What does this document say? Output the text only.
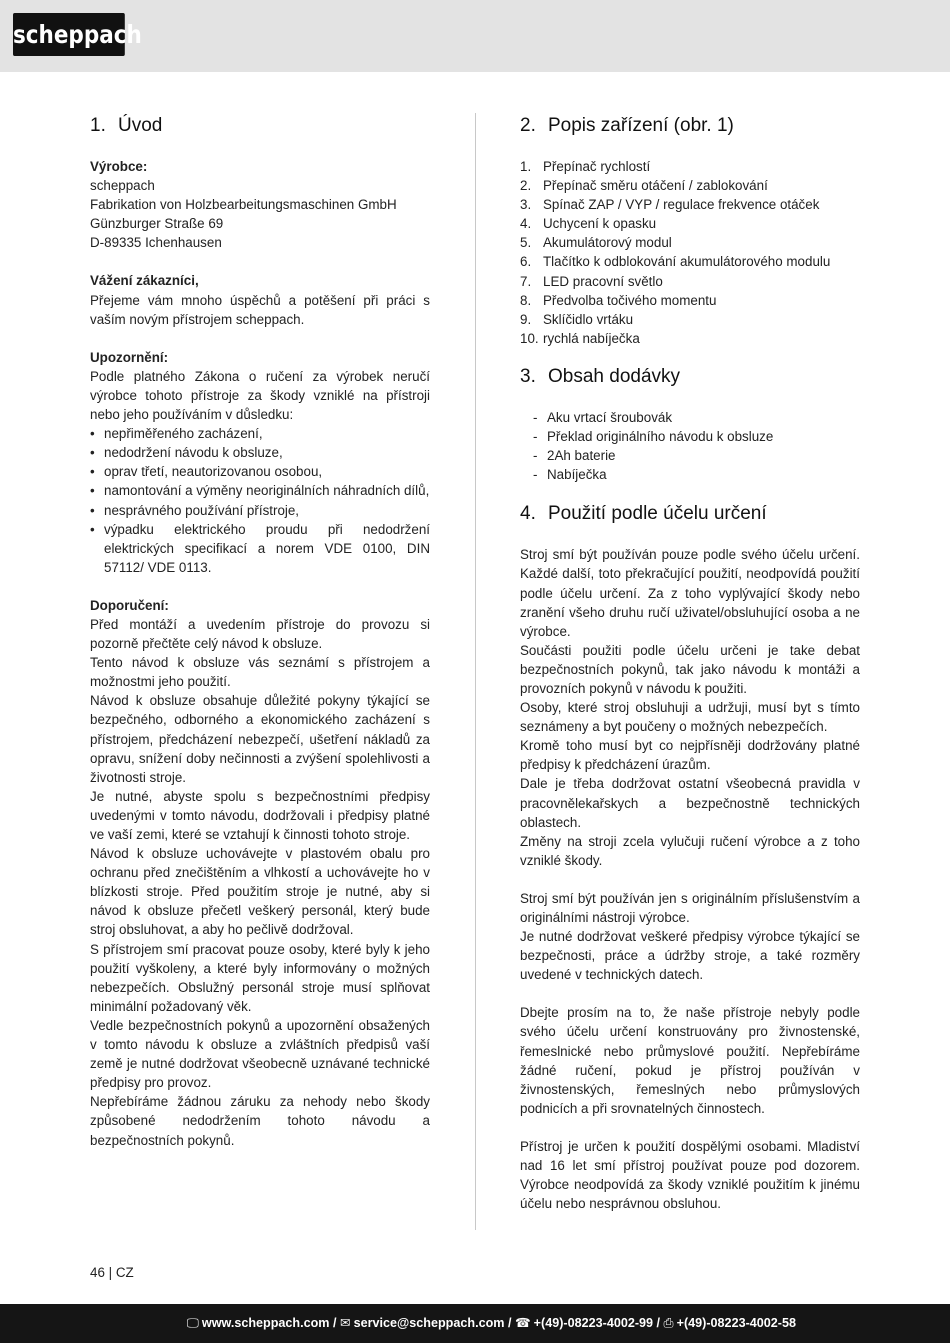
scheppach
1. Úvod

Výrobce:

scheppach

Fabrikation von Holzbearbeitungsmaschinen GmbH

Günzburger Straße 69

D-89335 Ichenhausen

Vážení zákazníci,

Přejeme vám mnoho úspěchů a potěšení při práci s vaším novým přístrojem scheppach.

Upozornění:

Podle platného Zákona o ručení za výrobek neručí výrobce tohoto přístroje za škody vzniklé na přístroji nebo jeho používáním v důsledku:

• nepřiměřeného zacházení,
• nedodržení návodu k obsluze,
• oprav třetí, neautorizovanou osobou,
• namontování a výměny neoriginálních náhradních dílů,
• nesprávného používání přístroje,
• výpadku elektrického proudu při nedodržení elektrických specifikací a norem VDE 0100, DIN 57112/ VDE 0113.

Doporučení:

Před montáží a uvedením přístroje do provozu si pozorně přečtěte celý návod k obsluze.

Tento návod k obsluze vás seznámí s přístrojem a možnostmi jeho použití.

Návod k obsluze obsahuje důležité pokyny týkající se bezpečného, odborného a ekonomického zacházení s přístrojem, předcházení nebezpečí, ušetření nákladů za opravu, snížení doby nečinnosti a zvýšení spolehlivosti a životnosti stroje.

Je nutné, abyste spolu s bezpečnostními předpisy uvedenými v tomto návodu, dodržovali i předpisy platné ve vaší zemi, které se vztahují k činnosti tohoto stroje.

Návod k obsluze uchovávejte v plastovém obalu pro ochranu před znečištěním a vlhkostí a uchovávejte ho v blízkosti stroje. Před použitím stroje je nutné, aby si návod k obsluze přečetl veškerý personál, který bude stroj obsluhovat, a aby ho pečlivě dodržoval.

S přístrojem smí pracovat pouze osoby, které byly k jeho použití vyškoleny, a které byly informovány o možných nebezpečích. Obslužný personál stroje musí splňovat minimální požadovaný věk.

Vedle bezpečnostních pokynů a upozornění obsažených v tomto návodu k obsluze a zvláštních předpisů vaší země je nutné dodržovat všeobecně uznávané technické předpisy pro provoz.

Nepřebíráme žádnou záruku za nehody nebo škody způsobené nedodržením tohoto návodu a bezpečnostních pokynů.

2. Popis zařízení (obr. 1)
1. Přepínač rychlostí
2. Přepínač směru otáčení / zablokování
3. Spínač ZAP / VYP / regulace frekvence otáček
4. Uchycení k opasku
5. Akumulátorový modul
6. Tlačítko k odblokování akumulátorového modulu
7. LED pracovní světlo
8. Předvolba točivého momentu
9. Sklíčidlo vrtáku
10. rychlá nabíječka
3. Obsah dodávky
- Aku vrtací šroubovák
- Překlad originálního návodu k obsluze
- 2Ah baterie
- Nabíječka
4. Použití podle účelu určení

Stroj smí být používán pouze podle svého účelu určení. Každé další, toto překračující použití, neodpovídá použití podle účelu určení. Za z toho vyplývající škody nebo zranění všeho druhu ručí uživatel/obsluhující osoba a ne výrobce.

Součásti použiti podle účelu určeni je take debat bezpečnostních pokynů, tak jako návodu k montáži a provozních pokynů v návodu k použiti.

Osoby, které stroj obsluhuji a udržuji, musí byt s tímto seznámeny a byt poučeny o možných nebezpečích.

Kromě toho musí byt co nejpřísněji dodržovány platné předpisy k předcházení úrazům.

Dale je třeba dodržovat ostatní všeobecná pravidla v pracovnělekařskych a bezpečnostně technických oblastech.

Změny na stroji zcela vylučuji ručení výrobce a z toho vzniklé škody.

Stroj smí být používán jen s originálním příslušenstvím a originálními nástroji výrobce.

Je nutné dodržovat veškeré předpisy výrobce týkající se bezpečnosti, práce a údržby stroje, a také rozměry uvedené v technických datech.

Dbejte prosím na to, že naše přístroje nebyly podle svého účelu určení konstruovány pro živnostenské, řemeslnické nebo průmyslové použití. Nepřebíráme žádné ručení, pokud je přístroj používán v živnostenských, řemeslných nebo průmyslových podnicích a při srovnatelných činnostech.

Přístroj je určen k použití dospělými osobami. Mladiství nad 16 let smí přístroj používat pouze pod dozorem. Výrobce neodpovídá za škody vzniklé použitím k jinému účelu nebo nesprávnou obsluhou.

46 | CZ
🖵 www.scheppach.com / ✉ service@scheppach.com / ☎ +(49)-08223-4002-99 / ⎙ +(49)-08223-4002-58
